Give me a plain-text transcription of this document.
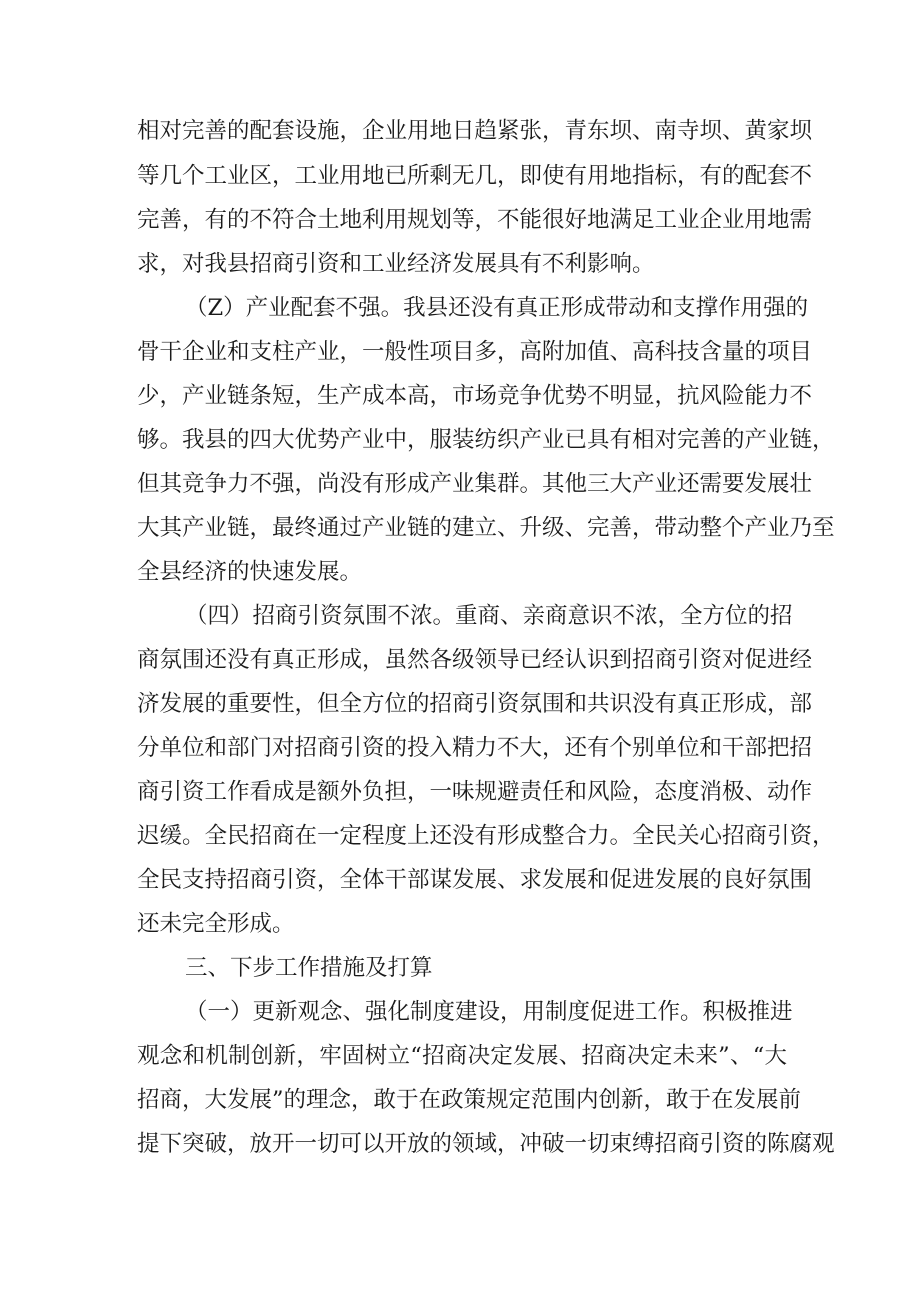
相对完善的配套设施，企业用地日趋紧张，青东坝、南寺坝、黄家坝
等几个工业区，工业用地已所剩无几，即使有用地指标，有的配套不
完善，有的不符合土地利用规划等，不能很好地满足工业企业用地需
求，对我县招商引资和工业经济发展具有不利影响。
（Z）产业配套不强。我县还没有真正形成带动和支撑作用强的
骨干企业和支柱产业，一般性项目多，高附加值、高科技含量的项目
少，产业链条短，生产成本高，市场竞争优势不明显，抗风险能力不
够。我县的四大优势产业中，服装纺织产业已具有相对完善的产业链，
但其竞争力不强，尚没有形成产业集群。其他三大产业还需要发展壮
大其产业链，最终通过产业链的建立、升级、完善，带动整个产业乃至
全县经济的快速发展。
（四）招商引资氛围不浓。重商、亲商意识不浓，全方位的招
商氛围还没有真正形成，虽然各级领导已经认识到招商引资对促进经
济发展的重要性，但全方位的招商引资氛围和共识没有真正形成，部
分单位和部门对招商引资的投入精力不大，还有个别单位和干部把招
商引资工作看成是额外负担，一味规避责任和风险，态度消极、动作
迟缓。全民招商在一定程度上还没有形成整合力。全民关心招商引资，
全民支持招商引资，全体干部谋发展、求发展和促进发展的良好氛围
还未完全形成。
三、下步工作措施及打算
（一）更新观念、强化制度建设，用制度促进工作。积极推进
观念和机制创新，牢固树立“招商决定发展、招商决定未来”、“大
招商，大发展”的理念，敢于在政策规定范围内创新，敢于在发展前
提下突破，放开一切可以开放的领域，冲破一切束缚招商引资的陈腐观
